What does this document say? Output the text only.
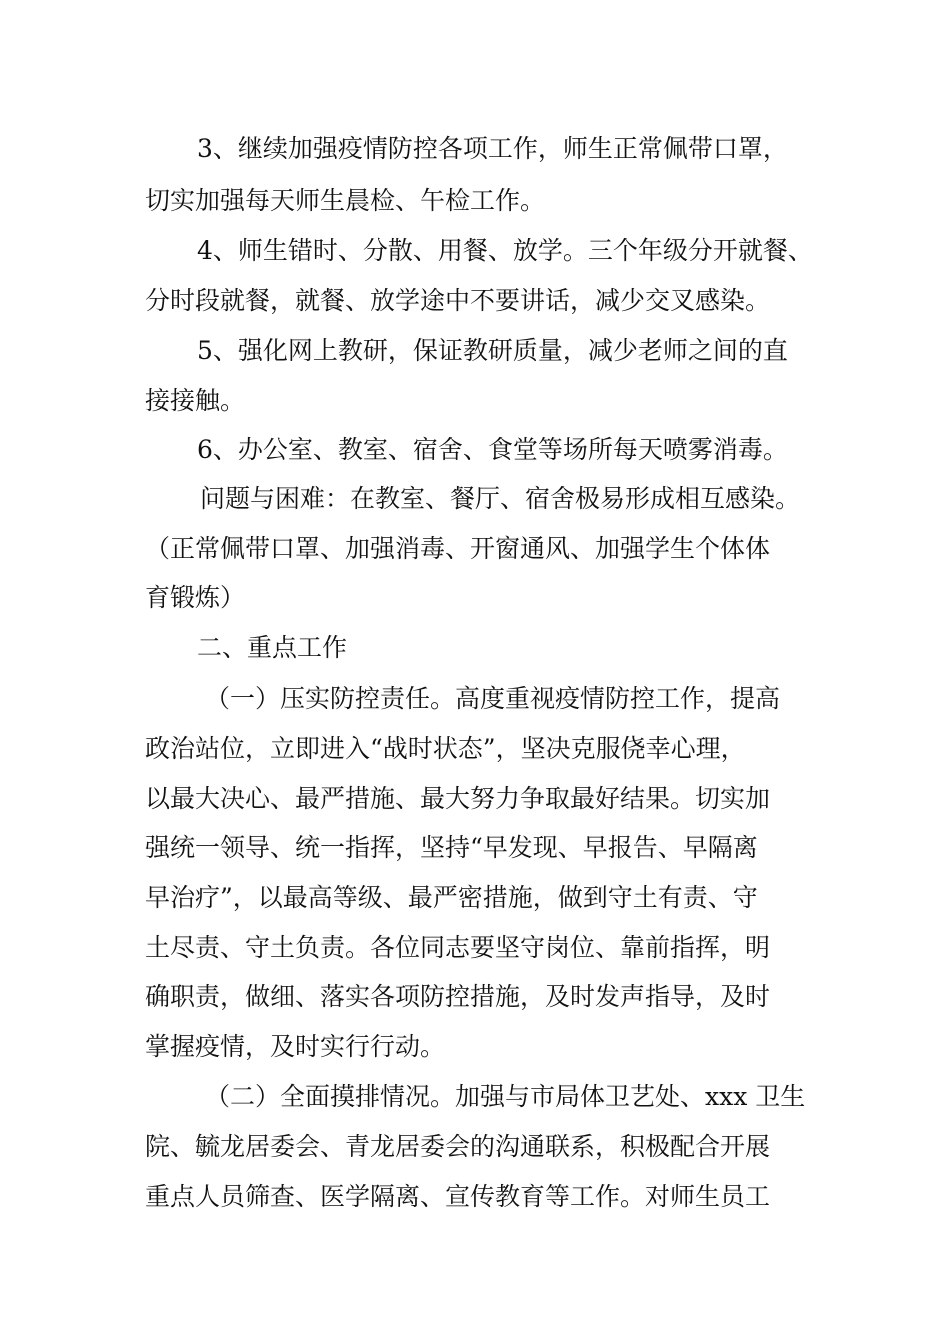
3、继续加强疫情防控各项工作，师生正常佩带口罩，
切实加强每天师生晨检、午检工作。
4、师生错时、分散、用餐、放学。三个年级分开就餐、
分时段就餐，就餐、放学途中不要讲话，减少交叉感染。
5、强化网上教研，保证教研质量，减少老师之间的直
接接触。
6、办公室、教室、宿舍、食堂等场所每天喷雾消毒。
问题与困难：在教室、餐厅、宿舍极易形成相互感染。
（正常佩带口罩、加强消毒、开窗通风、加强学生个体体
育锻炼）
二、重点工作
（一）压实防控责任。高度重视疫情防控工作，提高
政治站位，立即进入“战时状态”，坚决克服侥幸心理，
以最大决心、最严措施、最大努力争取最好结果。切实加
强统一领导、统一指挥，坚持“早发现、早报告、早隔离
早治疗”，以最高等级、最严密措施，做到守土有责、守
土尽责、守土负责。各位同志要坚守岗位、靠前指挥，明
确职责，做细、落实各项防控措施，及时发声指导，及时
掌握疫情，及时实行行动。
（二）全面摸排情况。加强与市局体卫艺处、xxx 卫生
院、毓龙居委会、青龙居委会的沟通联系，积极配合开展
重点人员筛查、医学隔离、宣传教育等工作。对师生员工
